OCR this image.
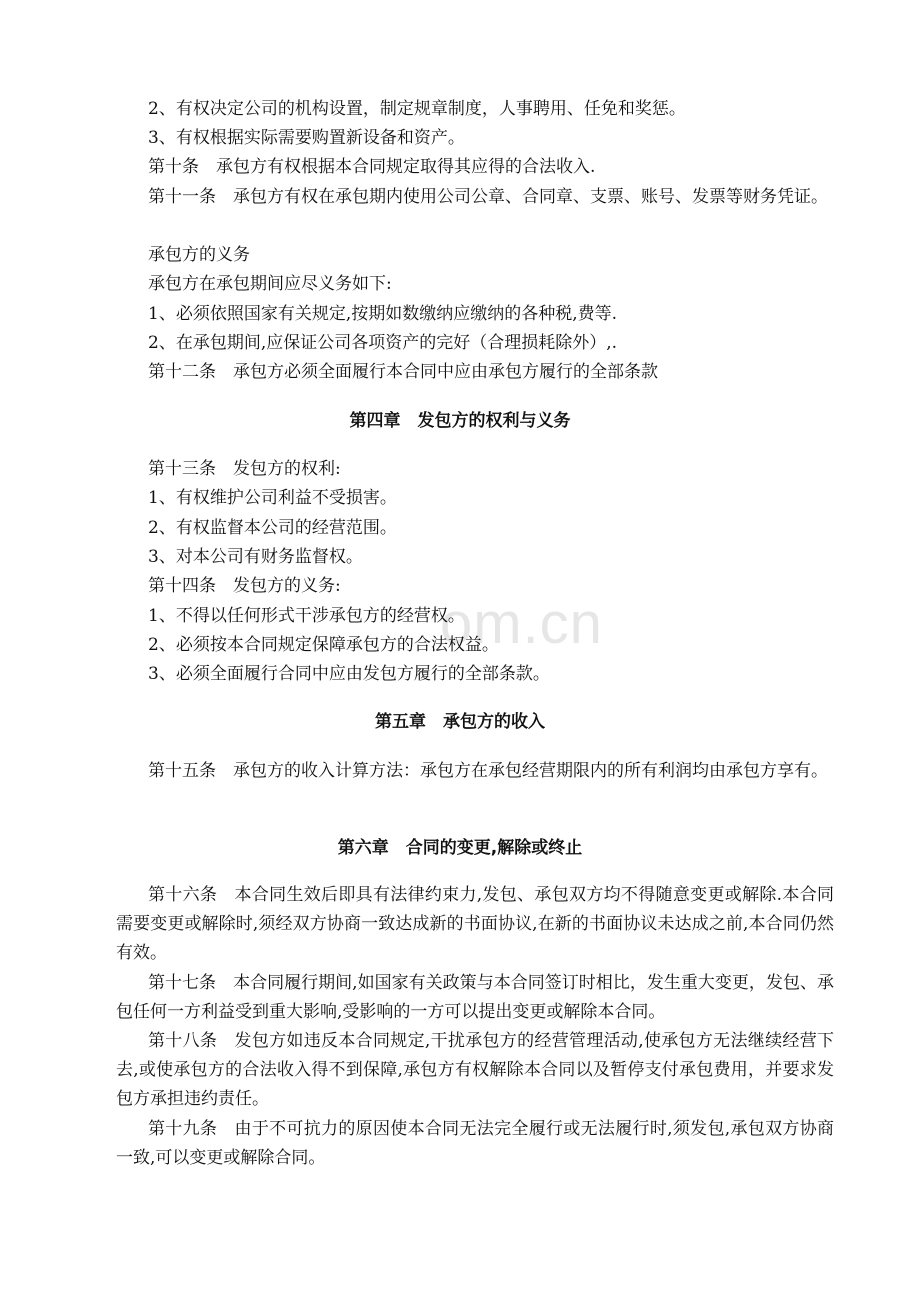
om.cn

2、有权决定公司的机构设置，制定规章制度，人事聘用、任免和奖惩。

3、有权根据实际需要购置新设备和资产。

第十条　承包方有权根据本合同规定取得其应得的合法收入.

第十一条　承包方有权在承包期内使用公司公章、合同章、支票、账号、发票等财务凭证。

承包方的义务

承包方在承包期间应尽义务如下:

1、必须依照国家有关规定,按期如数缴纳应缴纳的各种税,费等.

2、在承包期间,应保证公司各项资产的完好（合理损耗除外）,.

第十二条　承包方必须全面履行本合同中应由承包方履行的全部条款

第四章　发包方的权利与义务

第十三条　发包方的权利:

1、有权维护公司利益不受损害。

2、有权监督本公司的经营范围。

3、对本公司有财务监督权。

第十四条　发包方的义务:

1、不得以任何形式干涉承包方的经营权。

2、必须按本合同规定保障承包方的合法权益。

3、必须全面履行合同中应由发包方履行的全部条款。

第五章　承包方的收入

第十五条　承包方的收入计算方法：承包方在承包经营期限内的所有利润均由承包方享有。

第六章　合同的变更,解除或终止

第十六条　本合同生效后即具有法律约束力,发包、承包双方均不得随意变更或解除.本合同需要变更或解除时,须经双方协商一致达成新的书面协议,在新的书面协议未达成之前,本合同仍然有效。

第十七条　本合同履行期间,如国家有关政策与本合同签订时相比，发生重大变更，发包、承包任何一方利益受到重大影响,受影响的一方可以提出变更或解除本合同。

第十八条　发包方如违反本合同规定,干扰承包方的经营管理活动,使承包方无法继续经营下去,或使承包方的合法收入得不到保障,承包方有权解除本合同以及暂停支付承包费用，并要求发包方承担违约责任。

第十九条　由于不可抗力的原因使本合同无法完全履行或无法履行时,须发包,承包双方协商一致,可以变更或解除合同。
